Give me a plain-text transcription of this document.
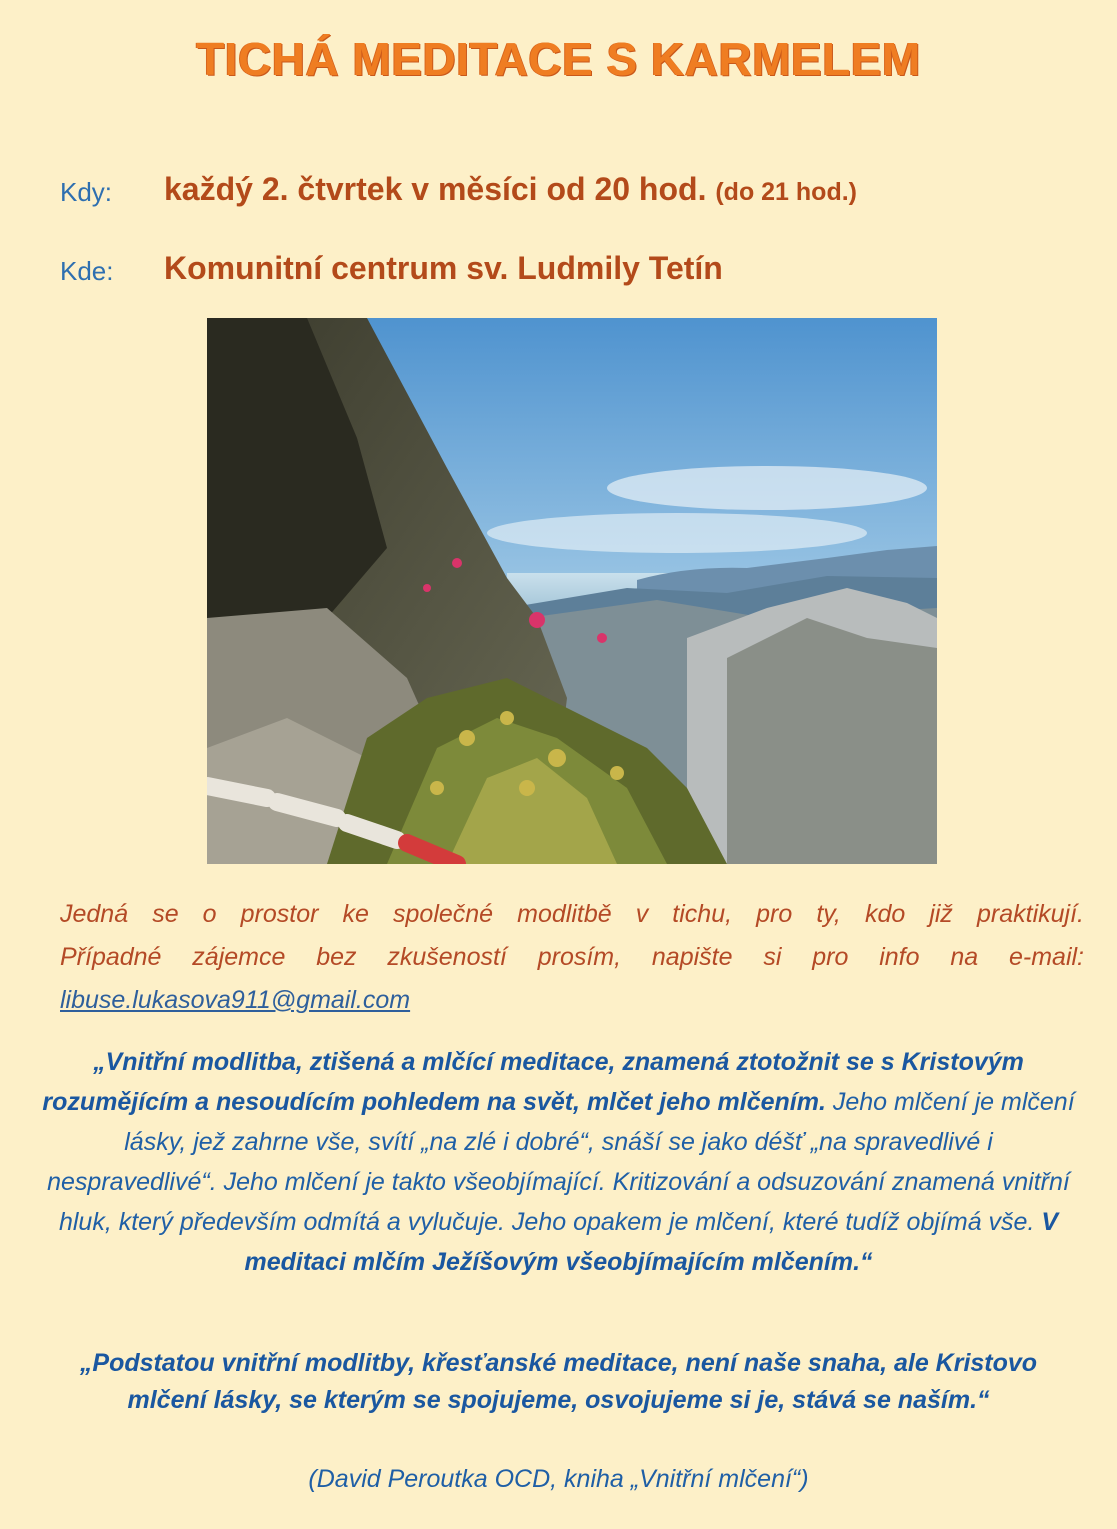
TICHÁ MEDITACE S KARMELEM
Kdy: každý 2. čtvrtek v měsíci od 20 hod. (do 21 hod.)
Kde: Komunitní centrum sv. Ludmily Tetín

Jedná se o prostor ke společné modlitbě v tichu, pro ty, kdo již praktikují.

Případné zájemce bez zkušeností prosím, napište si pro info na e-mail:

libuse.lukasova911@gmail.com

„Vnitřní modlitba, ztišená a mlčící meditace, znamená ztotožnit se s Kristovým rozumějícím a nesoudícím pohledem na svět, mlčet jeho mlčením. Jeho mlčení je mlčení lásky, jež zahrne vše, svítí „na zlé i dobré“, snáší se jako déšť „na spravedlivé i nespravedlivé“. Jeho mlčení je takto všeobjímající. Kritizování a odsuzování znamená vnitřní hluk, který především odmítá a vylučuje. Jeho opakem je mlčení, které tudíž objímá vše. V meditaci mlčím Ježíšovým všeobjímajícím mlčením.“
„Podstatou vnitřní modlitby, křesťanské meditace, není naše snaha, ale Kristovo mlčení lásky, se kterým se spojujeme, osvojujeme si je, stává se naším.“
(David Peroutka OCD, kniha „Vnitřní mlčení“)
